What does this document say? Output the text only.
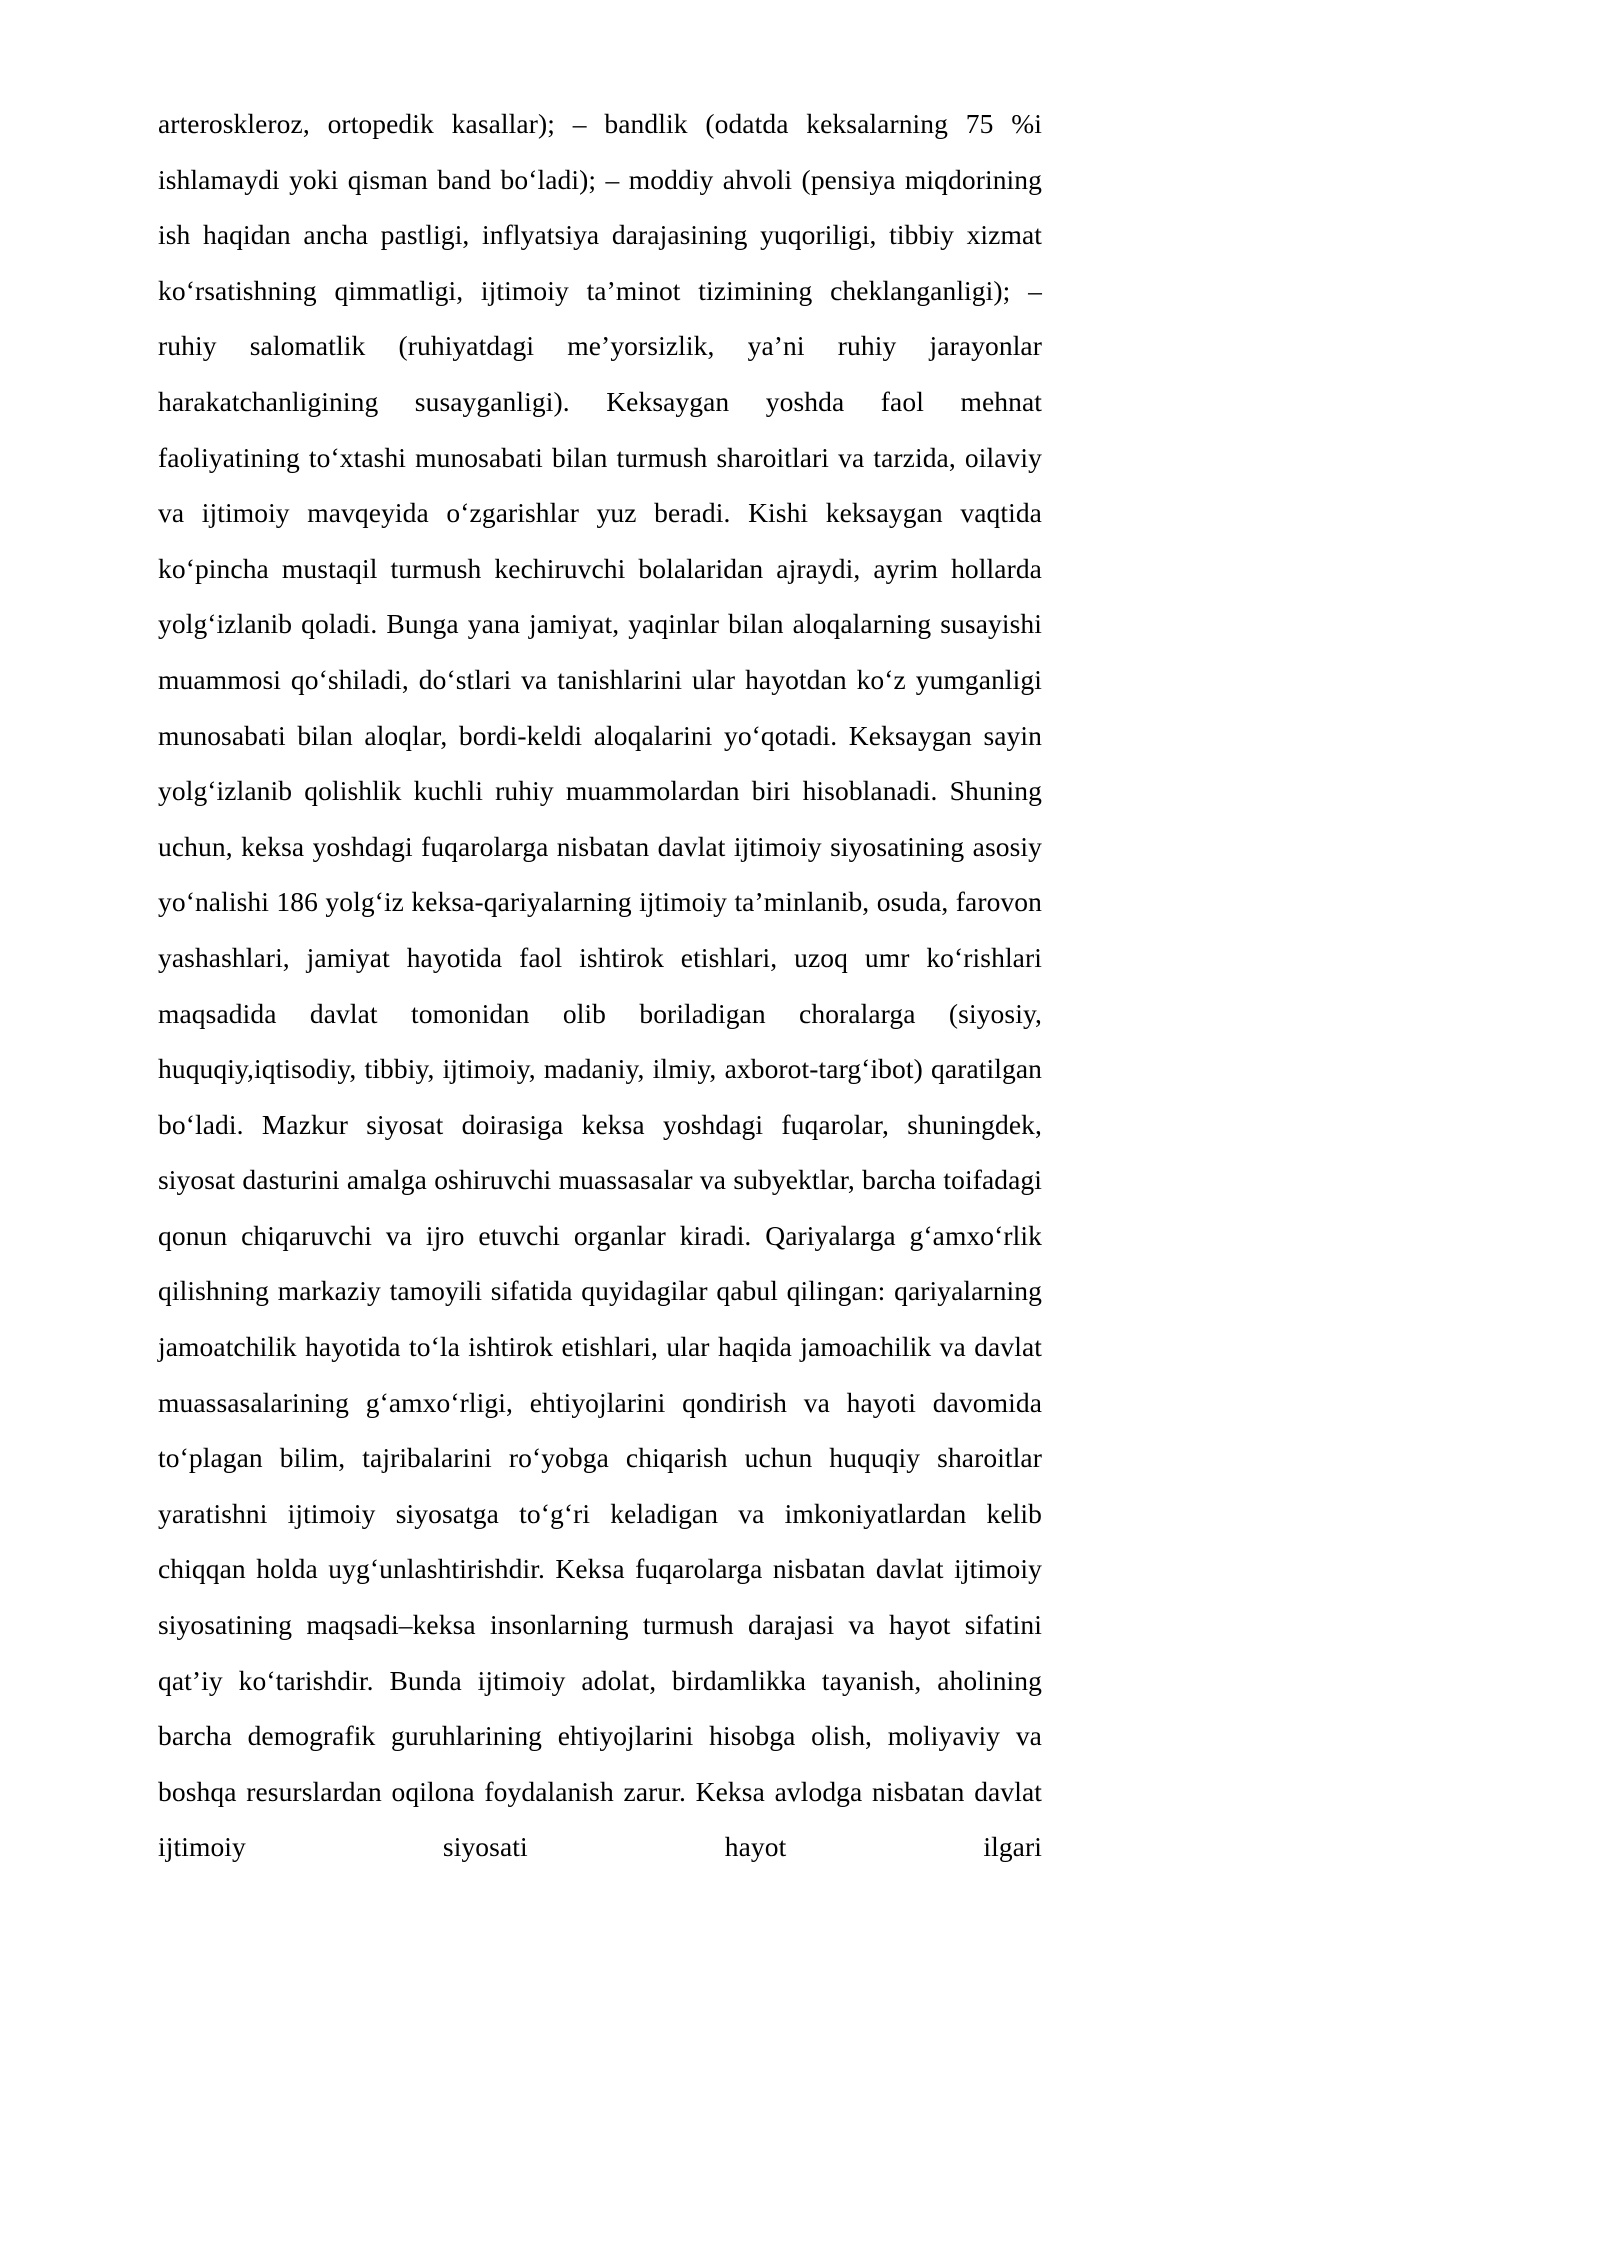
arteroskleroz, ortopedik kasallar); – bandlik (odatda keksalarning 75 %i ishlamaydi yoki qisman band bo‘ladi); – moddiy ahvoli (pensiya miqdorining ish haqidan ancha pastligi, inflyatsiya darajasining yuqoriligi, tibbiy xizmat ko‘rsatishning qimmatligi, ijtimoiy ta’minot tizimining cheklanganligi); – ruhiy salomatlik (ruhiyatdagi me’yorsizlik, ya’ni ruhiy jarayonlar harakatchanligining susayganligi). Keksaygan yoshda faol mehnat faoliyatining to‘xtashi munosabati bilan turmush sharoitlari va tarzida, oilaviy va ijtimoiy mavqeyida o‘zgarishlar yuz beradi. Kishi keksaygan vaqtida ko‘pincha mustaqil turmush kechiruvchi bolalaridan ajraydi, ayrim hollarda yolg‘izlanib qoladi. Bunga yana jamiyat, yaqinlar bilan aloqalarning susayishi muammosi qo‘shiladi, do‘stlari va tanishlarini ular hayotdan ko‘z yumganligi munosabati bilan aloqlar, bordi-keldi aloqalarini yo‘qotadi. Keksaygan sayin yolg‘izlanib qolishlik kuchli ruhiy muammolardan biri hisoblanadi. Shuning uchun, keksa yoshdagi fuqarolarga nisbatan davlat ijtimoiy siyosatining asosiy yo‘nalishi 186 yolg‘iz keksa-qariyalarning ijtimoiy ta’minlanib, osuda, farovon yashashlari, jamiyat hayotida faol ishtirok etishlari, uzoq umr ko‘rishlari maqsadida davlat tomonidan olib boriladigan choralarga (siyosiy, huquqiy,iqtisodiy, tibbiy, ijtimoiy, madaniy, ilmiy, axborot-targ‘ibot) qaratilgan bo‘ladi. Mazkur siyosat doirasiga keksa yoshdagi fuqarolar, shuningdek, siyosat dasturini amalga oshiruvchi muassasalar va subyektlar, barcha toifadagi qonun chiqaruvchi va ijro etuvchi organlar kiradi. Qariyalarga g‘amxo‘rlik qilishning markaziy tamoyili sifatida quyidagilar qabul qilingan: qariyalarning jamoatchilik hayotida to‘la ishtirok etishlari, ular haqida jamoachilik va davlat muassasalarining g‘amxo‘rligi, ehtiyojlarini qondirish va hayoti davomida to‘plagan bilim, tajribalarini ro‘yobga chiqarish uchun huquqiy sharoitlar yaratishni ijtimoiy siyosatga to‘g‘ri keladigan va imkoniyatlardan kelib chiqqan holda uyg‘unlashtirishdir. Keksa fuqarolarga nisbatan davlat ijtimoiy siyosatining maqsadi–keksa insonlarning turmush darajasi va hayot sifatini qat’iy ko‘tarishdir. Bunda ijtimoiy adolat, birdamlikka tayanish, aholining barcha demografik guruhlarining ehtiyojlarini hisobga olish, moliyaviy va boshqa resurslardan oqilona foydalanish zarur. Keksa avlodga nisbatan davlat ijtimoiy siyosati hayot ilgari
